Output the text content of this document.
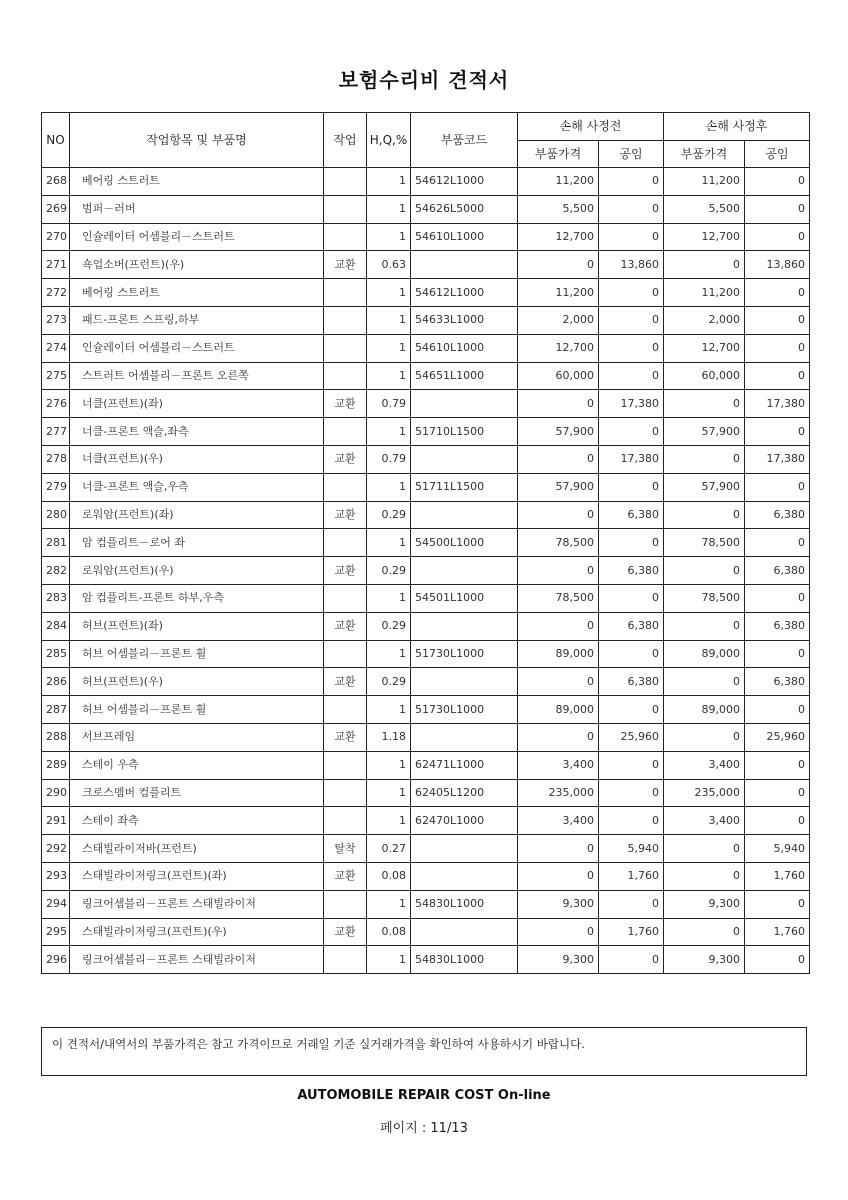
보험수리비 견적서
NO	작업항목 및 부품명	작업	H,Q,%	부품코드	손해 사정전		손해 사정후	
					부품가격	공임	부품가격	공임
268	베어링 스트러트		1	54612L1000	11,200	0	11,200	0
269	범퍼－러버		1	54626L5000	5,500	0	5,500	0
270	인슐레이터 어셈블리－스트러트		1	54610L1000	12,700	0	12,700	0
271	쇽업소버(프런트)(우)	교환	0.63		0	13,860	0	13,860
272	베어링 스트러트		1	54612L1000	11,200	0	11,200	0
273	패드-프론트 스프링,하부		1	54633L1000	2,000	0	2,000	0
274	인슐레이터 어셈블리－스트러트		1	54610L1000	12,700	0	12,700	0
275	스트러트 어셈블리－프론트 오른쪽		1	54651L1000	60,000	0	60,000	0
276	너클(프런트)(좌)	교환	0.79		0	17,380	0	17,380
277	너클-프론트 액슬,좌측		1	51710L1500	57,900	0	57,900	0
278	너클(프런트)(우)	교환	0.79		0	17,380	0	17,380
279	너클-프론트 액슬,우측		1	51711L1500	57,900	0	57,900	0
280	로워암(프런트)(좌)	교환	0.29		0	6,380	0	6,380
281	암 컴플리트－로어 좌		1	54500L1000	78,500	0	78,500	0
282	로워암(프런트)(우)	교환	0.29		0	6,380	0	6,380
283	암 컴플리트-프론트 하부,우측		1	54501L1000	78,500	0	78,500	0
284	허브(프런트)(좌)	교환	0.29		0	6,380	0	6,380
285	허브 어셈블리－프론트 휠		1	51730L1000	89,000	0	89,000	0
286	허브(프런트)(우)	교환	0.29		0	6,380	0	6,380
287	허브 어셈블리－프론트 휠		1	51730L1000	89,000	0	89,000	0
288	서브프레임	교환	1.18		0	25,960	0	25,960
289	스테이 우측		1	62471L1000	3,400	0	3,400	0
290	크로스멤버 컴플리트		1	62405L1200	235,000	0	235,000	0
291	스테이 좌측		1	62470L1000	3,400	0	3,400	0
292	스태빌라이저바(프런트)	탈착	0.27		0	5,940	0	5,940
293	스태빌라이저링크(프런트)(좌)	교환	0.08		0	1,760	0	1,760
294	링크어셈블리－프론트 스태빌라이저		1	54830L1000	9,300	0	9,300	0
295	스태빌라이저링크(프런트)(우)	교환	0.08		0	1,760	0	1,760
296	링크어셈블리－프론트 스태빌라이저		1	54830L1000	9,300	0	9,300	0
이 견적서/내역서의 부품가격은 참고 가격이므로 거래일 기준 실거래가격을 확인하여 사용하시기 바랍니다.
AUTOMOBILE REPAIR COST On-line
페이지 : 11/13
